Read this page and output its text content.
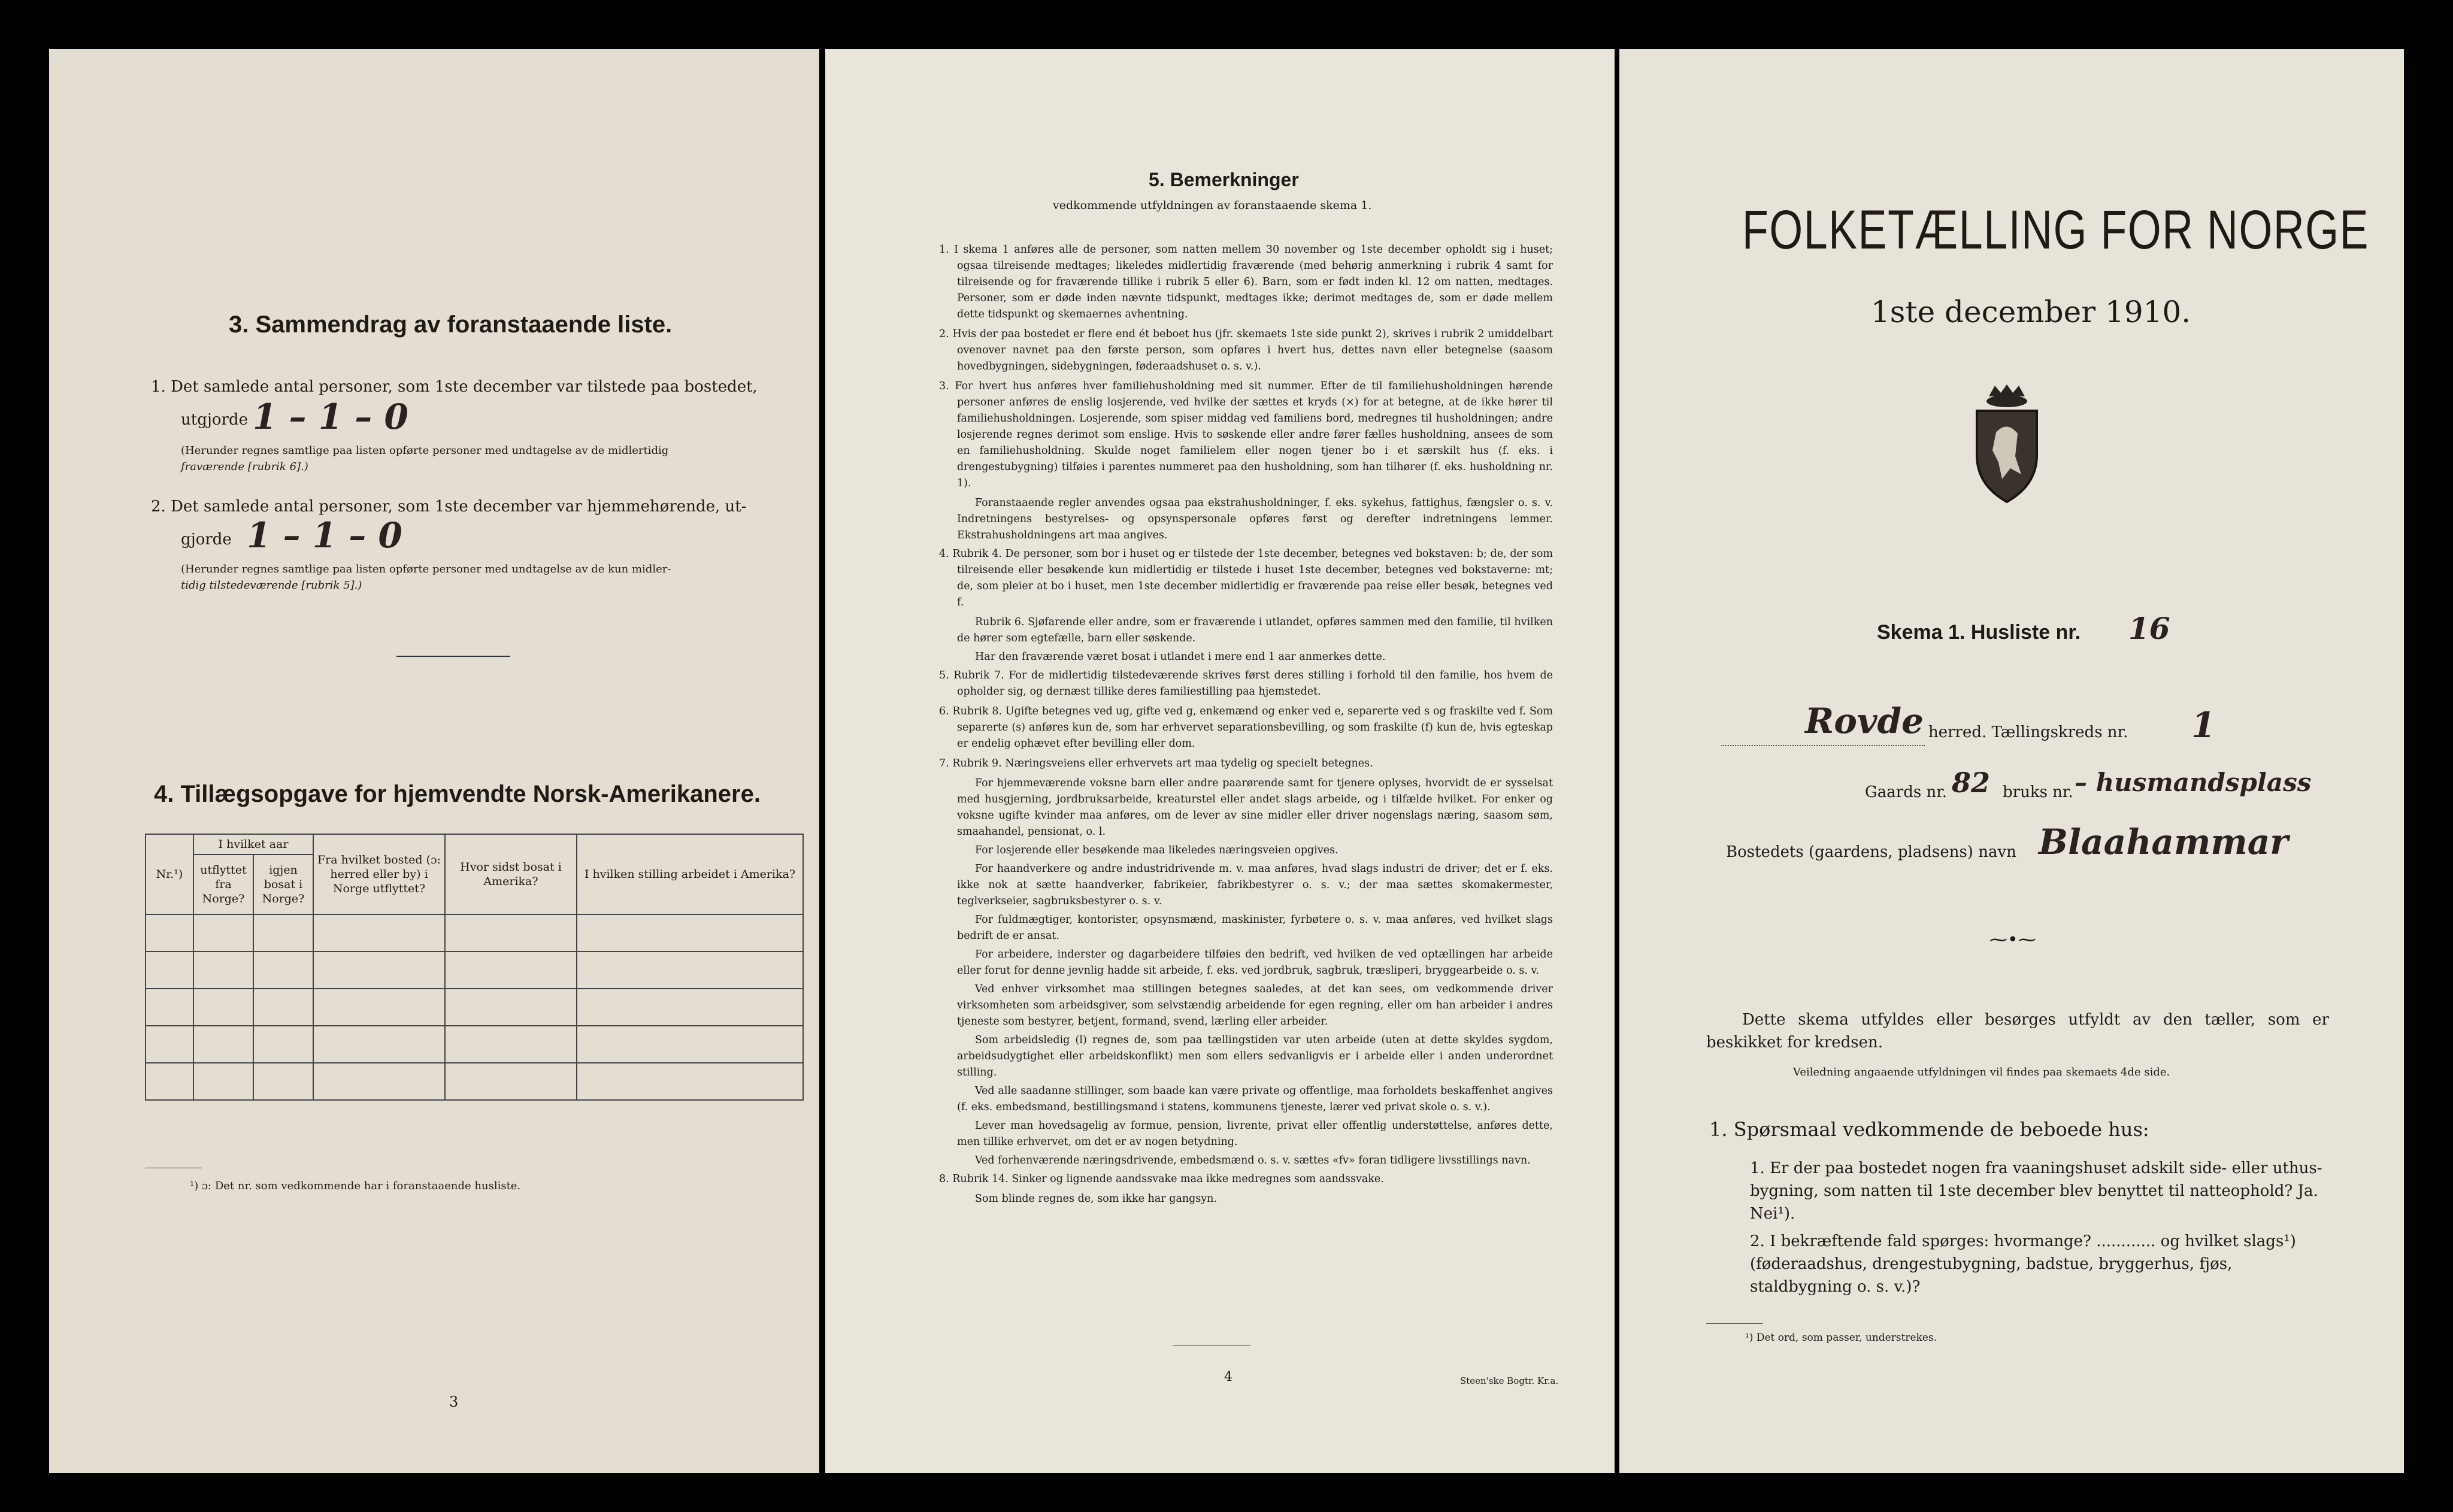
3. Sammendrag av foranstaaende liste.
1. Det samlede antal personer, som 1ste december var tilstede paa bostedet,
utgjorde 1 – 1 – 0
(Herunder regnes samtlige paa listen opførte personer med undtagelse av de midlertidig
fraværende [rubrik 6].)
2. Det samlede antal personer, som 1ste december var hjemmehørende, ut-
gjorde 1 – 1 – 0
(Herunder regnes samtlige paa listen opførte personer med undtagelse av de kun midler-
tidig tilstedeværende [rubrik 5].)
4. Tillægsopgave for hjemvendte Norsk-Amerikanere.
Nr.¹)	I hvilket aar		Fra hvilket bosted (ɔ: herred eller by) i Norge utflyttet?	Hvor sidst bosat i Amerika?	I hvilken stilling arbeidet i Amerika?
	utflyttet fra Norge?	igjen bosat i Norge?			

¹) ɔ: Det nr. som vedkommende har i foranstaaende husliste.
3
5. Bemerkninger
vedkommende utfyldningen av foranstaaende skema 1.

1. I skema 1 anføres alle de personer, som natten mellem 30 november og 1ste december opholdt sig i huset; ogsaa tilreisende medtages; likeledes midlertidig fraværende (med behørig anmerkning i rubrik 4 samt for tilreisende og for fraværende tillike i rubrik 5 eller 6). Barn, som er født inden kl. 12 om natten, medtages. Personer, som er døde inden nævnte tidspunkt, medtages ikke; derimot medtages de, som er døde mellem dette tidspunkt og skemaernes avhentning.

2. Hvis der paa bostedet er flere end ét beboet hus (jfr. skemaets 1ste side punkt 2), skrives i rubrik 2 umiddelbart ovenover navnet paa den første person, som opføres i hvert hus, dettes navn eller betegnelse (saasom hovedbygningen, sidebygningen, føderaadshuset o. s. v.).

3. For hvert hus anføres hver familiehusholdning med sit nummer. Efter de til familiehusholdningen hørende personer anføres de enslig losjerende, ved hvilke der sættes et kryds (×) for at betegne, at de ikke hører til familiehusholdningen. Losjerende, som spiser middag ved familiens bord, medregnes til husholdningen; andre losjerende regnes derimot som enslige. Hvis to søskende eller andre fører fælles husholdning, ansees de som en familiehusholdning. Skulde noget familielem eller nogen tjener bo i et særskilt hus (f. eks. i drengestubygning) tilføies i parentes nummeret paa den husholdning, som han tilhører (f. eks. husholdning nr. 1).

Foranstaaende regler anvendes ogsaa paa ekstrahusholdninger, f. eks. sykehus, fattighus, fængsler o. s. v. Indretningens bestyrelses- og opsynspersonale opføres først og derefter indretningens lemmer. Ekstrahusholdningens art maa angives.

4. Rubrik 4. De personer, som bor i huset og er tilstede der 1ste december, betegnes ved bokstaven: b; de, der som tilreisende eller besøkende kun midlertidig er tilstede i huset 1ste december, betegnes ved bokstaverne: mt; de, som pleier at bo i huset, men 1ste december midlertidig er fraværende paa reise eller besøk, betegnes ved f.

Rubrik 6. Sjøfarende eller andre, som er fraværende i utlandet, opføres sammen med den familie, til hvilken de hører som egtefælle, barn eller søskende.

Har den fraværende været bosat i utlandet i mere end 1 aar anmerkes dette.

5. Rubrik 7. For de midlertidig tilstedeværende skrives først deres stilling i forhold til den familie, hos hvem de opholder sig, og dernæst tillike deres familiestilling paa hjemstedet.

6. Rubrik 8. Ugifte betegnes ved ug, gifte ved g, enkemænd og enker ved e, separerte ved s og fraskilte ved f. Som separerte (s) anføres kun de, som har erhvervet separationsbevilling, og som fraskilte (f) kun de, hvis egteskap er endelig ophævet efter bevilling eller dom.

7. Rubrik 9. Næringsveiens eller erhvervets art maa tydelig og specielt betegnes.

For hjemmeværende voksne barn eller andre paarørende samt for tjenere oplyses, hvorvidt de er sysselsat med husgjerning, jordbruksarbeide, kreaturstel eller andet slags arbeide, og i tilfælde hvilket. For enker og voksne ugifte kvinder maa anføres, om de lever av sine midler eller driver nogenslags næring, saasom søm, smaahandel, pensionat, o. l.

For losjerende eller besøkende maa likeledes næringsveien opgives.

For haandverkere og andre industridrivende m. v. maa anføres, hvad slags industri de driver; det er f. eks. ikke nok at sætte haandverker, fabrikeier, fabrikbestyrer o. s. v.; der maa sættes skomakermester, teglverkseier, sagbruksbestyrer o. s. v.

For fuldmægtiger, kontorister, opsynsmænd, maskinister, fyrbøtere o. s. v. maa anføres, ved hvilket slags bedrift de er ansat.

For arbeidere, inderster og dagarbeidere tilføies den bedrift, ved hvilken de ved optællingen har arbeide eller forut for denne jevnlig hadde sit arbeide, f. eks. ved jordbruk, sagbruk, træsliperi, bryggearbeide o. s. v.

Ved enhver virksomhet maa stillingen betegnes saaledes, at det kan sees, om vedkommende driver virksomheten som arbeidsgiver, som selvstændig arbeidende for egen regning, eller om han arbeider i andres tjeneste som bestyrer, betjent, formand, svend, lærling eller arbeider.

Som arbeidsledig (l) regnes de, som paa tællingstiden var uten arbeide (uten at dette skyldes sygdom, arbeidsudygtighet eller arbeidskonflikt) men som ellers sedvanligvis er i arbeide eller i anden underordnet stilling.

Ved alle saadanne stillinger, som baade kan være private og offentlige, maa forholdets beskaffenhet angives (f. eks. embedsmand, bestillingsmand i statens, kommunens tjeneste, lærer ved privat skole o. s. v.).

Lever man hovedsagelig av formue, pension, livrente, privat eller offentlig understøttelse, anføres dette, men tillike erhvervet, om det er av nogen betydning.

Ved forhenværende næringsdrivende, embedsmænd o. s. v. sættes «fv» foran tidligere livsstillings navn.

8. Rubrik 14. Sinker og lignende aandssvake maa ikke medregnes som aandssvake.

Som blinde regnes de, som ikke har gangsyn.

4	Steen'ske Bogtr. Kr.a.
FOLKETÆLLING FOR NORGE
1ste december 1910.
Skema 1. Husliste nr. 16
Rovde herred. Tællingskreds nr. 1
Gaards nr. 82 bruks nr. – husmandsplass
Bostedets (gaardens, pladsens) navn Blaahammar
⁓•⁓
Dette skema utfyldes eller besørges utfyldt av den tæller, som er beskikket for kredsen.
Veiledning angaaende utfyldningen vil findes paa skemaets 4de side.
1. Spørsmaal vedkommende de beboede hus:

1. Er der paa bostedet nogen fra vaaningshuset adskilt side- eller uthus-bygning, som natten til 1ste december blev benyttet til natteophold? Ja. Nei¹).

2. I bekræftende fald spørges: hvormange? ............ og hvilket slags¹) (føderaadshus, drengestubygning, badstue, bryggerhus, fjøs, staldbygning o. s. v.)?

¹) Det ord, som passer, understrekes.
